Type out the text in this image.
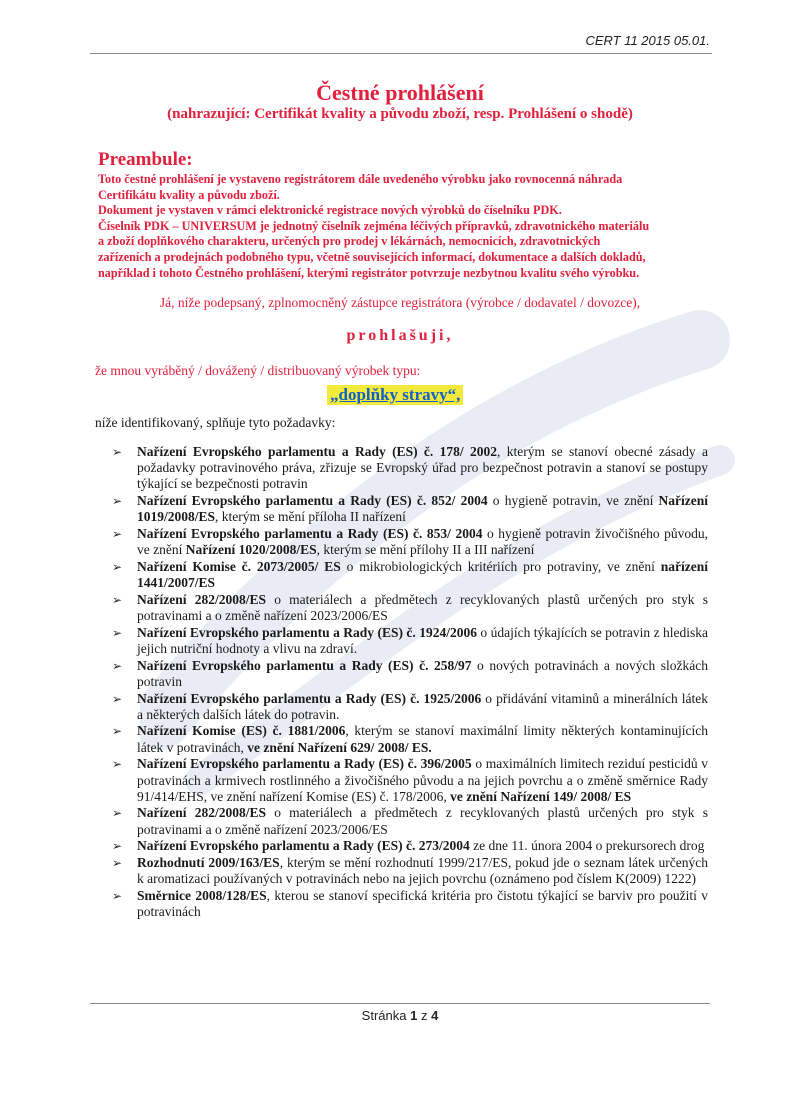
CERT 11 2015 05.01.
Čestné prohlášení
(nahrazující: Certifikát kvality a původu zboží, resp. Prohlášení o shodě)
Preambule:
Toto čestné prohlášení je vystaveno registrátorem dále uvedeného výrobku jako rovnocenná náhrada
Certifikátu kvality a původu zboží.
Dokument je vystaven v rámci elektronické registrace nových výrobků do číselníku PDK.
Číselník PDK – UNIVERSUM je jednotný číselník zejména léčivých přípravků, zdravotnického materiálu
a zboží doplňkového charakteru, určených pro prodej v lékárnách, nemocnicích, zdravotnických
zařízeních a prodejnách podobného typu, včetně souvisejících informací, dokumentace a dalších dokladů,
například i tohoto Čestného prohlášení, kterými registrátor potvrzuje nezbytnou kvalitu svého výrobku.
Já, níže podepsaný, zplnomocněný zástupce registrátora (výrobce / dodavatel / dovozce),
prohlašuji,
že mnou vyráběný / dovážený / distribuovaný výrobek typu:
„doplňky stravy“,
níže identifikovaný, splňuje tyto požadavky:
➢ Nařízení Evropského parlamentu a Rady (ES) č. 178/ 2002, kterým se stanoví obecné zásady a požadavky potravinového práva, zřizuje se Evropský úřad pro bezpečnost potravin a stanoví se postupy týkající se bezpečnosti potravin
➢ Nařízení Evropského parlamentu a Rady (ES) č. 852/ 2004 o hygieně potravin, ve znění Nařízení 1019/2008/ES, kterým se mění příloha II nařízení
➢ Nařízení Evropského parlamentu a Rady (ES) č. 853/ 2004 o hygieně potravin živočišného původu, ve znění Nařízení 1020/2008/ES, kterým se mění přílohy II a III nařízení
➢ Nařízení Komise č. 2073/2005/ ES o mikrobiologických kritériích pro potraviny, ve znění nařízení 1441/2007/ES
➢ Nařízení 282/2008/ES o materiálech a předmětech z recyklovaných plastů určených pro styk s potravinami a o změně nařízení 2023/2006/ES
➢ Nařízení Evropského parlamentu a Rady (ES) č. 1924/2006 o údajích týkajících se potravin z hlediska jejich nutriční hodnoty a vlivu na zdraví.
➢ Nařízení Evropského parlamentu a Rady (ES) č. 258/97 o nových potravinách a nových složkách potravin
➢ Nařízení Evropského parlamentu a Rady (ES) č. 1925/2006 o přidávání vitaminů a minerálních látek a některých dalších látek do potravin.
➢ Nařízení Komise (ES) č. 1881/2006, kterým se stanoví maximální limity některých kontaminujících látek v potravinách, ve znění Nařízení 629/ 2008/ ES.
➢ Nařízení Evropského parlamentu a Rady (ES) č. 396/2005 o maximálních limitech reziduí pesticidů v potravinách a krmivech rostlinného a živočišného původu a na jejich povrchu a o změně směrnice Rady 91/414/EHS, ve znění nařízení Komise (ES) č. 178/2006, ve znění Nařízení 149/ 2008/ ES
➢ Nařízení 282/2008/ES o materiálech a předmětech z recyklovaných plastů určených pro styk s potravinami a o změně nařízení 2023/2006/ES
➢ Nařízení Evropského parlamentu a Rady (ES) č. 273/2004 ze dne 11. února 2004 o prekursorech drog
➢ Rozhodnutí 2009/163/ES, kterým se mění rozhodnutí 1999/217/ES, pokud jde o seznam látek určených k aromatizaci používaných v potravinách nebo na jejich povrchu (oznámeno pod číslem K(2009) 1222)
➢ Směrnice 2008/128/ES, kterou se stanoví specifická kritéria pro čistotu týkající se barviv pro použití v potravinách
Stránka 1 z 4
